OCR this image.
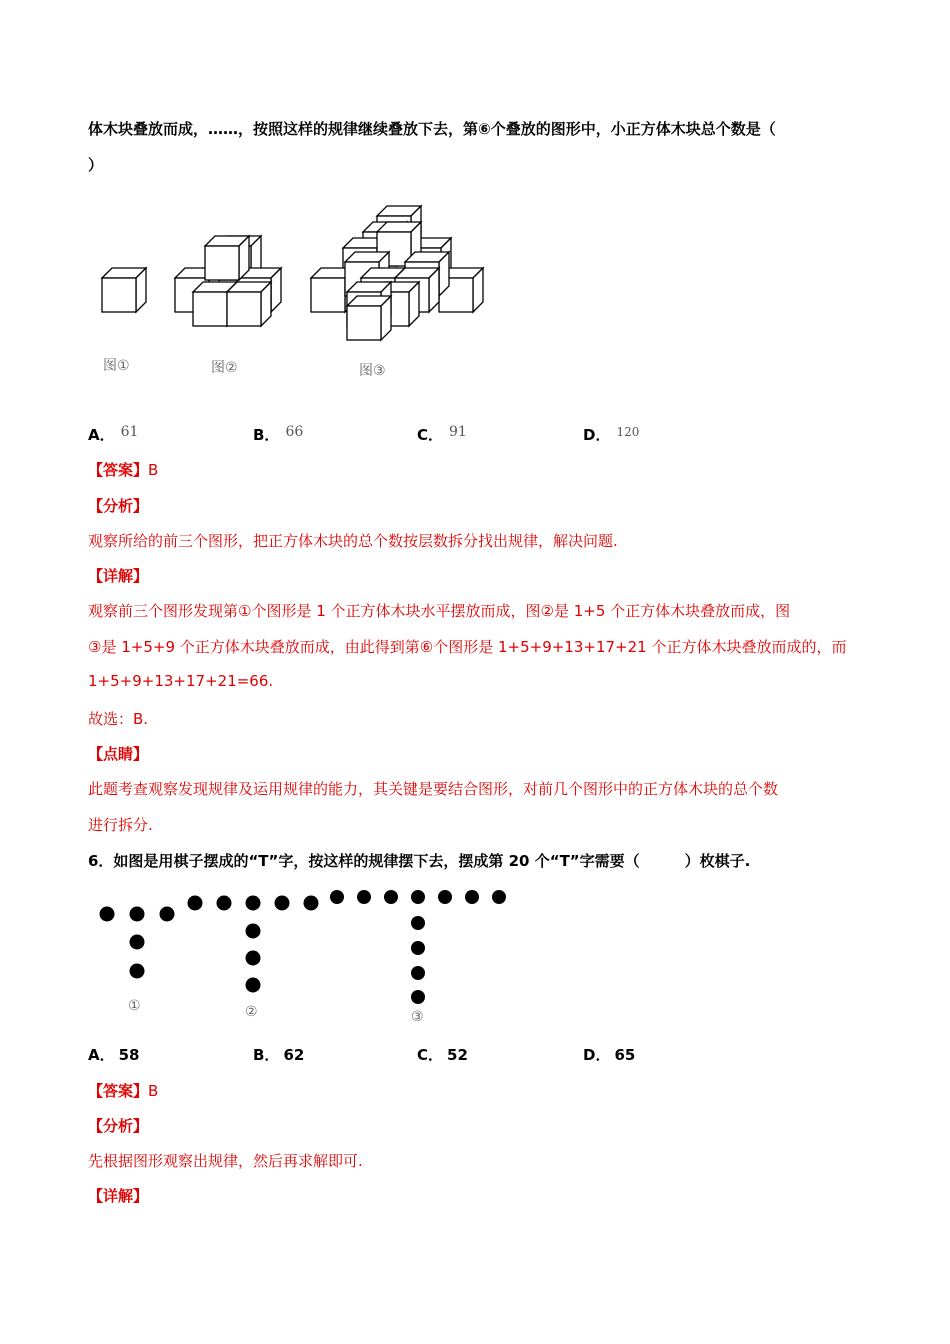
体木块叠放而成，……，按照这样的规律继续叠放下去，第⑥个叠放的图形中，小正方体木块总个数是（
）
图①	图②	图③
A． 61	B． 66	C． 91	D． $^{120}$
【答案】B
【分析】
观察所给的前三个图形，把正方体木块的总个数按层数拆分找出规律，解决问题.
【详解】
观察前三个图形发现第①个图形是 1 个正方体木块水平摆放而成，图②是 1+5 个正方体木块叠放而成，图
③是 1+5+9 个正方体木块叠放而成，由此得到第⑥个图形是 1+5+9+13+17+21 个正方体木块叠放而成的，而
1+5+9+13+17+21=66.
故选：B.
【点睛】
此题考查观察发现规律及运用规律的能力，其关键是要结合图形，对前几个图形中的正方体木块的总个数
进行拆分.
6．如图是用棋子摆成的“T”字，按这样的规律摆下去，摆成第 20 个“T”字需要（　　　）枚棋子.
①	②	③
A． 58	B． 62	C． 52	D． 65
【答案】B
【分析】
先根据图形观察出规律，然后再求解即可.
【详解】
